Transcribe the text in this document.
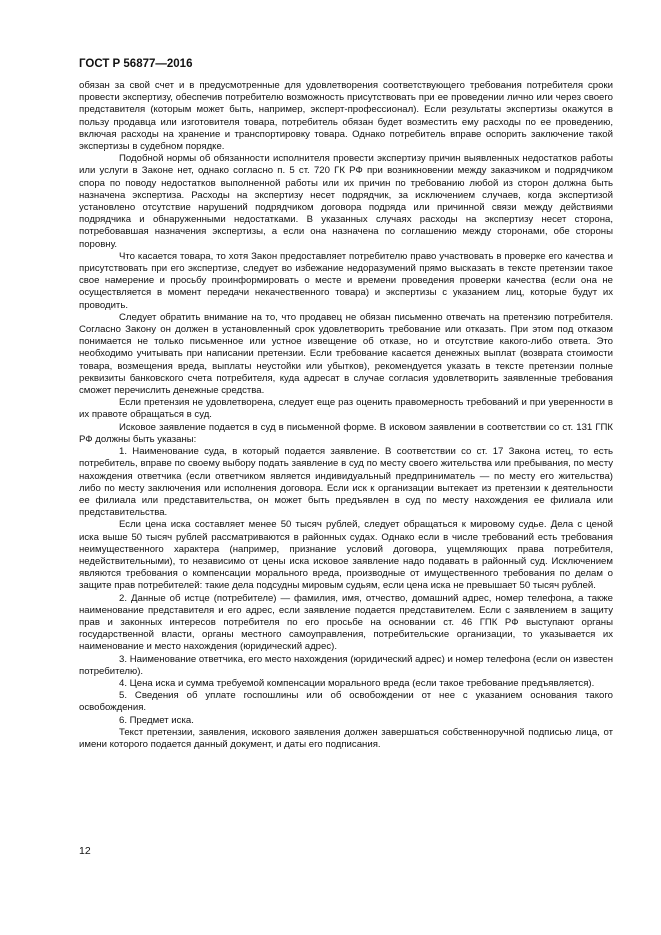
ГОСТ Р 56877—2016

обязан за свой счет и в предусмотренные для удовлетворения соответствующего требования потребителя сроки провести экспертизу, обеспечив потребителю возможность присутствовать при ее проведении лично или через своего представителя (которым может быть, например, эксперт-профессионал). Если результаты экспертизы окажутся в пользу продавца или изготовителя товара, потребитель обязан будет возместить ему расходы по ее проведению, включая расходы на хранение и транспортировку товара. Однако потребитель вправе оспорить заключение такой экспертизы в судебном порядке.

Подобной нормы об обязанности исполнителя провести экспертизу причин выявленных недостатков работы или услуги в Законе нет, однако согласно п. 5 ст. 720 ГК РФ при возникновении между заказчиком и подрядчиком спора по поводу недостатков выполненной работы или их причин по требованию любой из сторон должна быть назначена экспертиза. Расходы на экспертизу несет подрядчик, за исключением случаев, когда экспертизой установлено отсутствие нарушений подрядчиком договора подряда или причинной связи между действиями подрядчика и обнаруженными недостатками. В указанных случаях расходы на экспертизу несет сторона, потребовавшая назначения экспертизы, а если она назначена по соглашению между сторонами, обе стороны поровну.

Что касается товара, то хотя Закон предоставляет потребителю право участвовать в проверке его качества и присутствовать при его экспертизе, следует во избежание недоразумений прямо высказать в тексте претензии такое свое намерение и просьбу проинформировать о месте и времени проведения проверки качества (если она не осуществляется в момент передачи некачественного товара) и экспертизы с указанием лиц, которые будут их проводить.

Следует обратить внимание на то, что продавец не обязан письменно отвечать на претензию потребителя. Согласно Закону он должен в установленный срок удовлетворить требование или отказать. При этом под отказом понимается не только письменное или устное извещение об отказе, но и отсутствие какого-либо ответа. Это необходимо учитывать при написании претензии. Если требование касается денежных выплат (возврата стоимости товара, возмещения вреда, выплаты неустойки или убытков), рекомендуется указать в тексте претензии полные реквизиты банковского счета потребителя, куда адресат в случае согласия удовлетворить заявленные требования сможет перечислить денежные средства.

Если претензия не удовлетворена, следует еще раз оценить правомерность требований и при уверенности в их правоте обращаться в суд.

Исковое заявление подается в суд в письменной форме. В исковом заявлении в соответствии со ст. 131 ГПК РФ должны быть указаны:

1. Наименование суда, в который подается заявление. В соответствии со ст. 17 Закона истец, то есть потребитель, вправе по своему выбору подать заявление в суд по месту своего жительства или пребывания, по месту нахождения ответчика (если ответчиком является индивидуальный предприниматель — по месту его жительства) либо по месту заключения или исполнения договора. Если иск к организации вытекает из претензии к деятельности ее филиала или представительства, он может быть предъявлен в суд по месту нахождения ее филиала или представительства.

Если цена иска составляет менее 50 тысяч рублей, следует обращаться к мировому судье. Дела с ценой иска выше 50 тысяч рублей рассматриваются в районных судах. Однако если в числе требований есть требования неимущественного характера (например, признание условий договора, ущемляющих права потребителя, недействительными), то независимо от цены иска исковое заявление надо подавать в районный суд. Исключением являются требования о компенсации морального вреда, производные от имущественного требования по делам о защите прав потребителей: такие дела подсудны мировым судьям, если цена иска не превышает 50 тысяч рублей.

2. Данные об истце (потребителе) — фамилия, имя, отчество, домашний адрес, номер телефона, а также наименование представителя и его адрес, если заявление подается представителем. Если с заявлением в защиту прав и законных интересов потребителя по его просьбе на основании ст. 46 ГПК РФ выступают органы государственной власти, органы местного самоуправления, потребительские организации, то указывается их наименование и место нахождения (юридический адрес).

3. Наименование ответчика, его место нахождения (юридический адрес) и номер телефона (если он известен потребителю).

4. Цена иска и сумма требуемой компенсации морального вреда (если такое требование предъявляется).

5. Сведения об уплате госпошлины или об освобождении от нее с указанием основания такого освобождения.

6. Предмет иска.

Текст претензии, заявления, искового заявления должен завершаться собственноручной подписью лица, от имени которого подается данный документ, и даты его подписания.

12
